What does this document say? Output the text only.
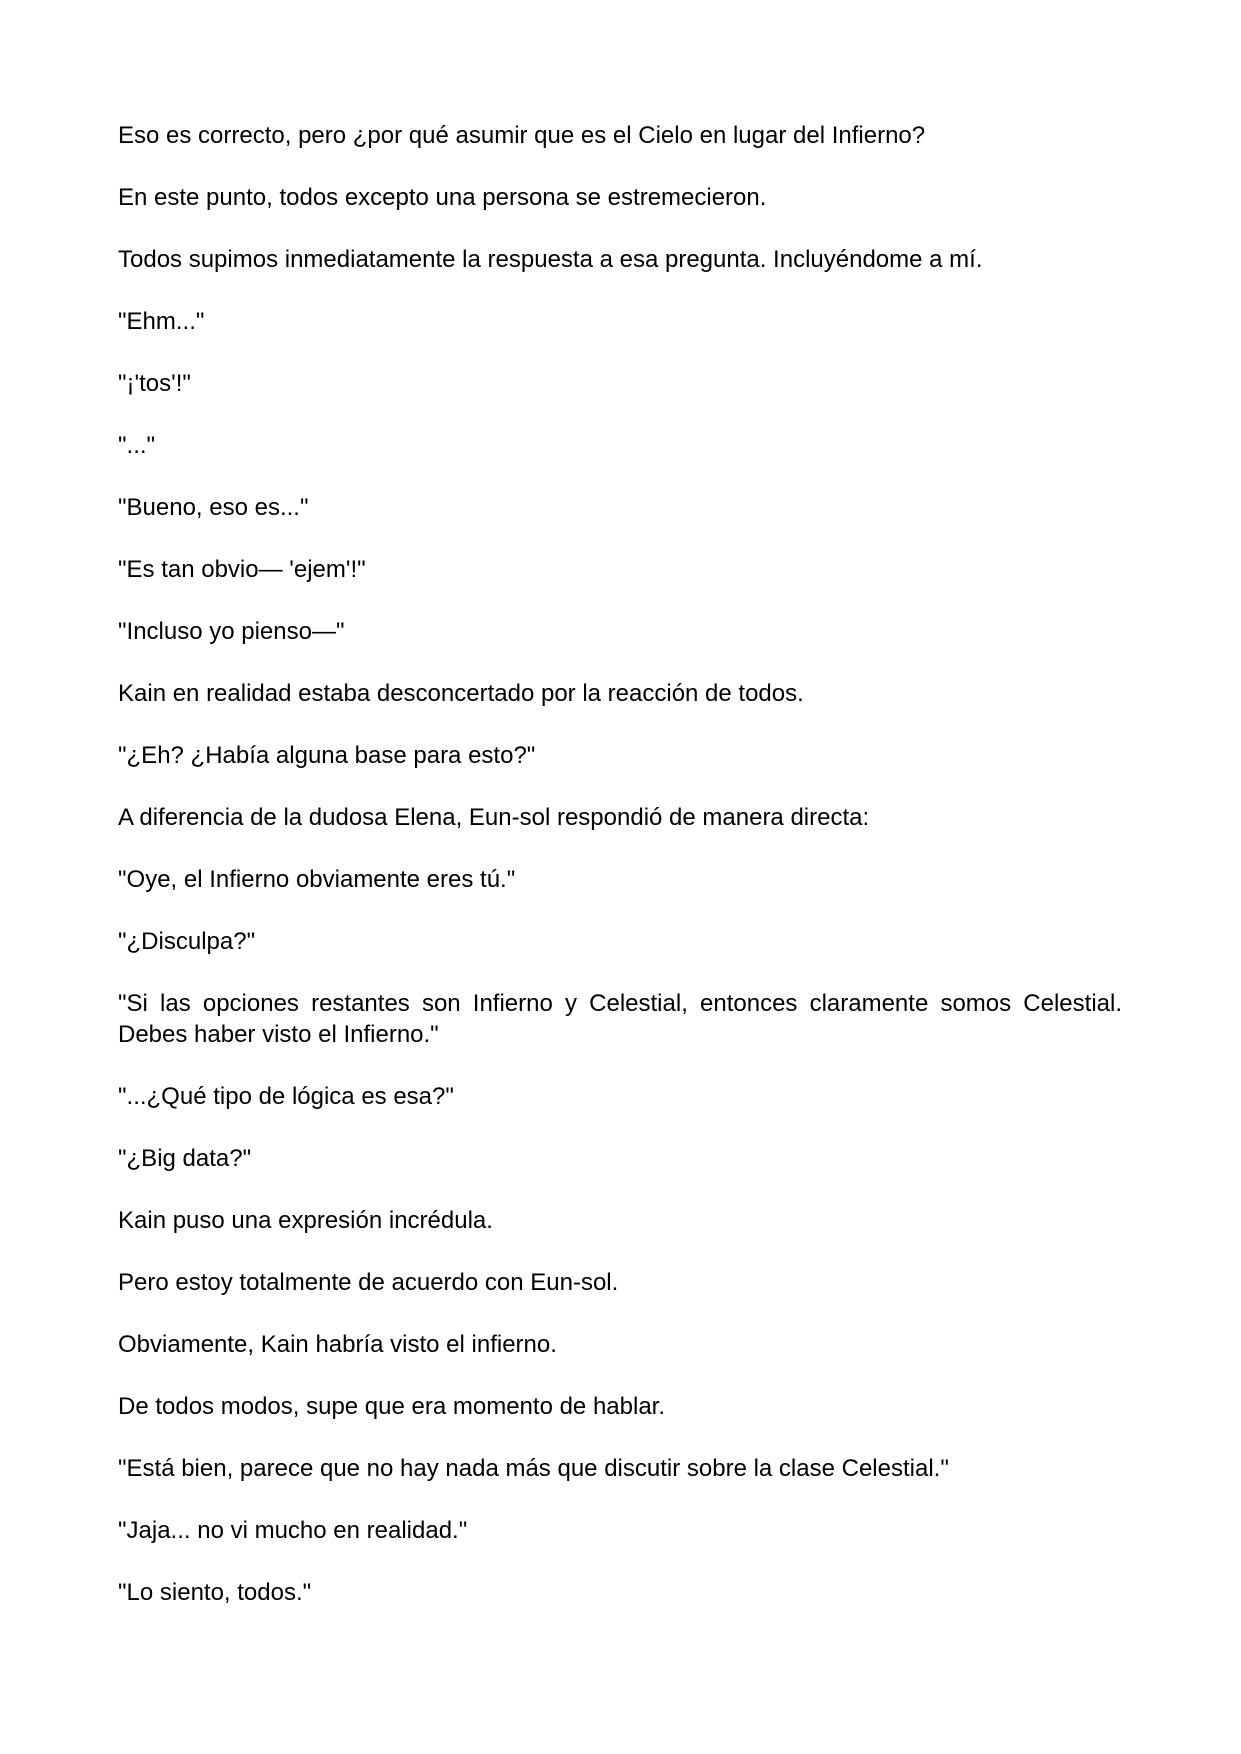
Eso es correcto, pero ¿por qué asumir que es el Cielo en lugar del Infierno?

En este punto, todos excepto una persona se estremecieron.

Todos supimos inmediatamente la respuesta a esa pregunta. Incluyéndome a mí.

"Ehm..."

"¡'tos'!"

"..."

"Bueno, eso es..."

"Es tan obvio— 'ejem'!"

"Incluso yo pienso—"

Kain en realidad estaba desconcertado por la reacción de todos.

"¿Eh? ¿Había alguna base para esto?"

A diferencia de la dudosa Elena, Eun-sol respondió de manera directa:

"Oye, el Infierno obviamente eres tú."

"¿Disculpa?"

"Si las opciones restantes son Infierno y Celestial, entonces claramente somos Celestial. Debes haber visto el Infierno."

"...¿Qué tipo de lógica es esa?"

"¿Big data?"

Kain puso una expresión incrédula.

Pero estoy totalmente de acuerdo con Eun-sol.

Obviamente, Kain habría visto el infierno.

De todos modos, supe que era momento de hablar.

"Está bien, parece que no hay nada más que discutir sobre la clase Celestial."

"Jaja... no vi mucho en realidad."

"Lo siento, todos."
